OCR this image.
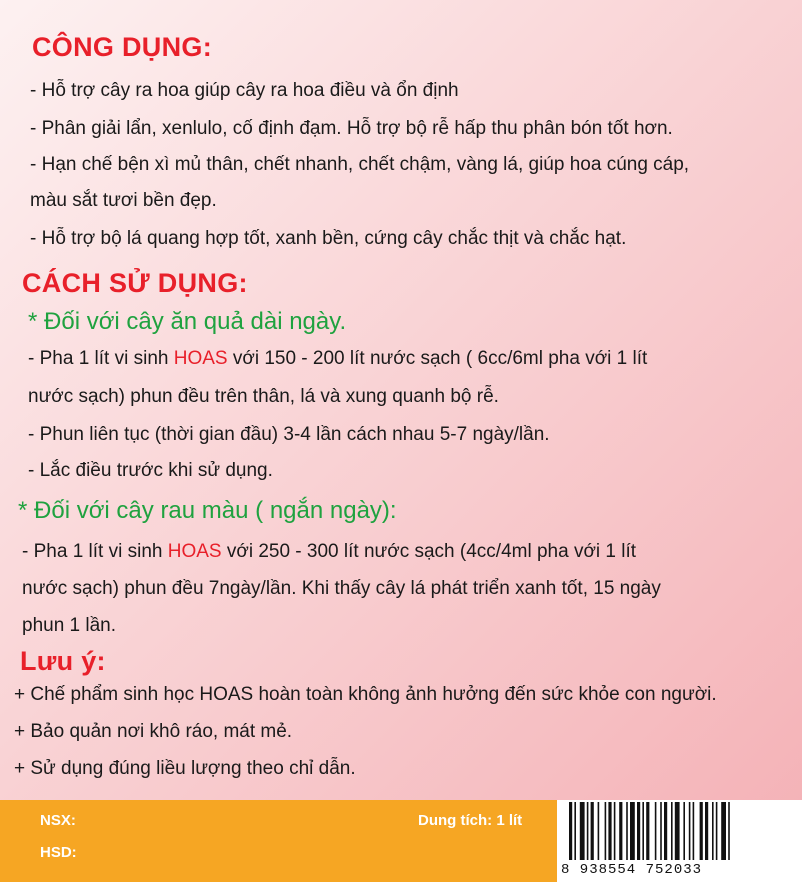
CÔNG DỤNG:

- Hỗ trợ cây ra hoa giúp cây ra hoa điều và ổn định

- Phân giải lẩn, xenlulo, cố định đạm. Hỗ trợ bộ rễ hấp thu phân bón tốt hơn.

- Hạn chế bện xì mủ thân, chết nhanh, chết chậm, vàng lá, giúp hoa cúng cáp,

màu sắt tươi bền đẹp.

- Hỗ trợ bộ lá quang hợp tốt, xanh bền, cứng cây chắc thịt và chắc hạt.

CÁCH SỬ DỤNG:

* Đối với cây ăn quả dài ngày.

- Pha 1 lít vi sinh HOAS với 150 - 200 lít nước sạch ( 6cc/6ml pha với 1 lít

nước sạch) phun đều trên thân, lá và xung quanh bộ rễ.

- Phun liên tục (thời gian đầu) 3-4 lần cách nhau 5-7 ngày/lần.

- Lắc điều trước khi sử dụng.

* Đối với cây rau màu ( ngắn ngày):

- Pha 1 lít vi sinh HOAS với 250 - 300 lít nước sạch (4cc/4ml pha với 1 lít

nước sạch) phun đều 7ngày/lần. Khi thấy cây lá phát triển xanh tốt, 15 ngày

phun 1 lần.

Lưu ý:

+ Chế phẩm sinh học HOAS hoàn toàn không ảnh hưởng đến sức khỏe con người.

+ Bảo quản nơi khô ráo, mát mẻ.

+ Sử dụng đúng liều lượng theo chỉ dẫn.

NSX:
HSD:
Dung tích: 1 lít
8 938554 752033
